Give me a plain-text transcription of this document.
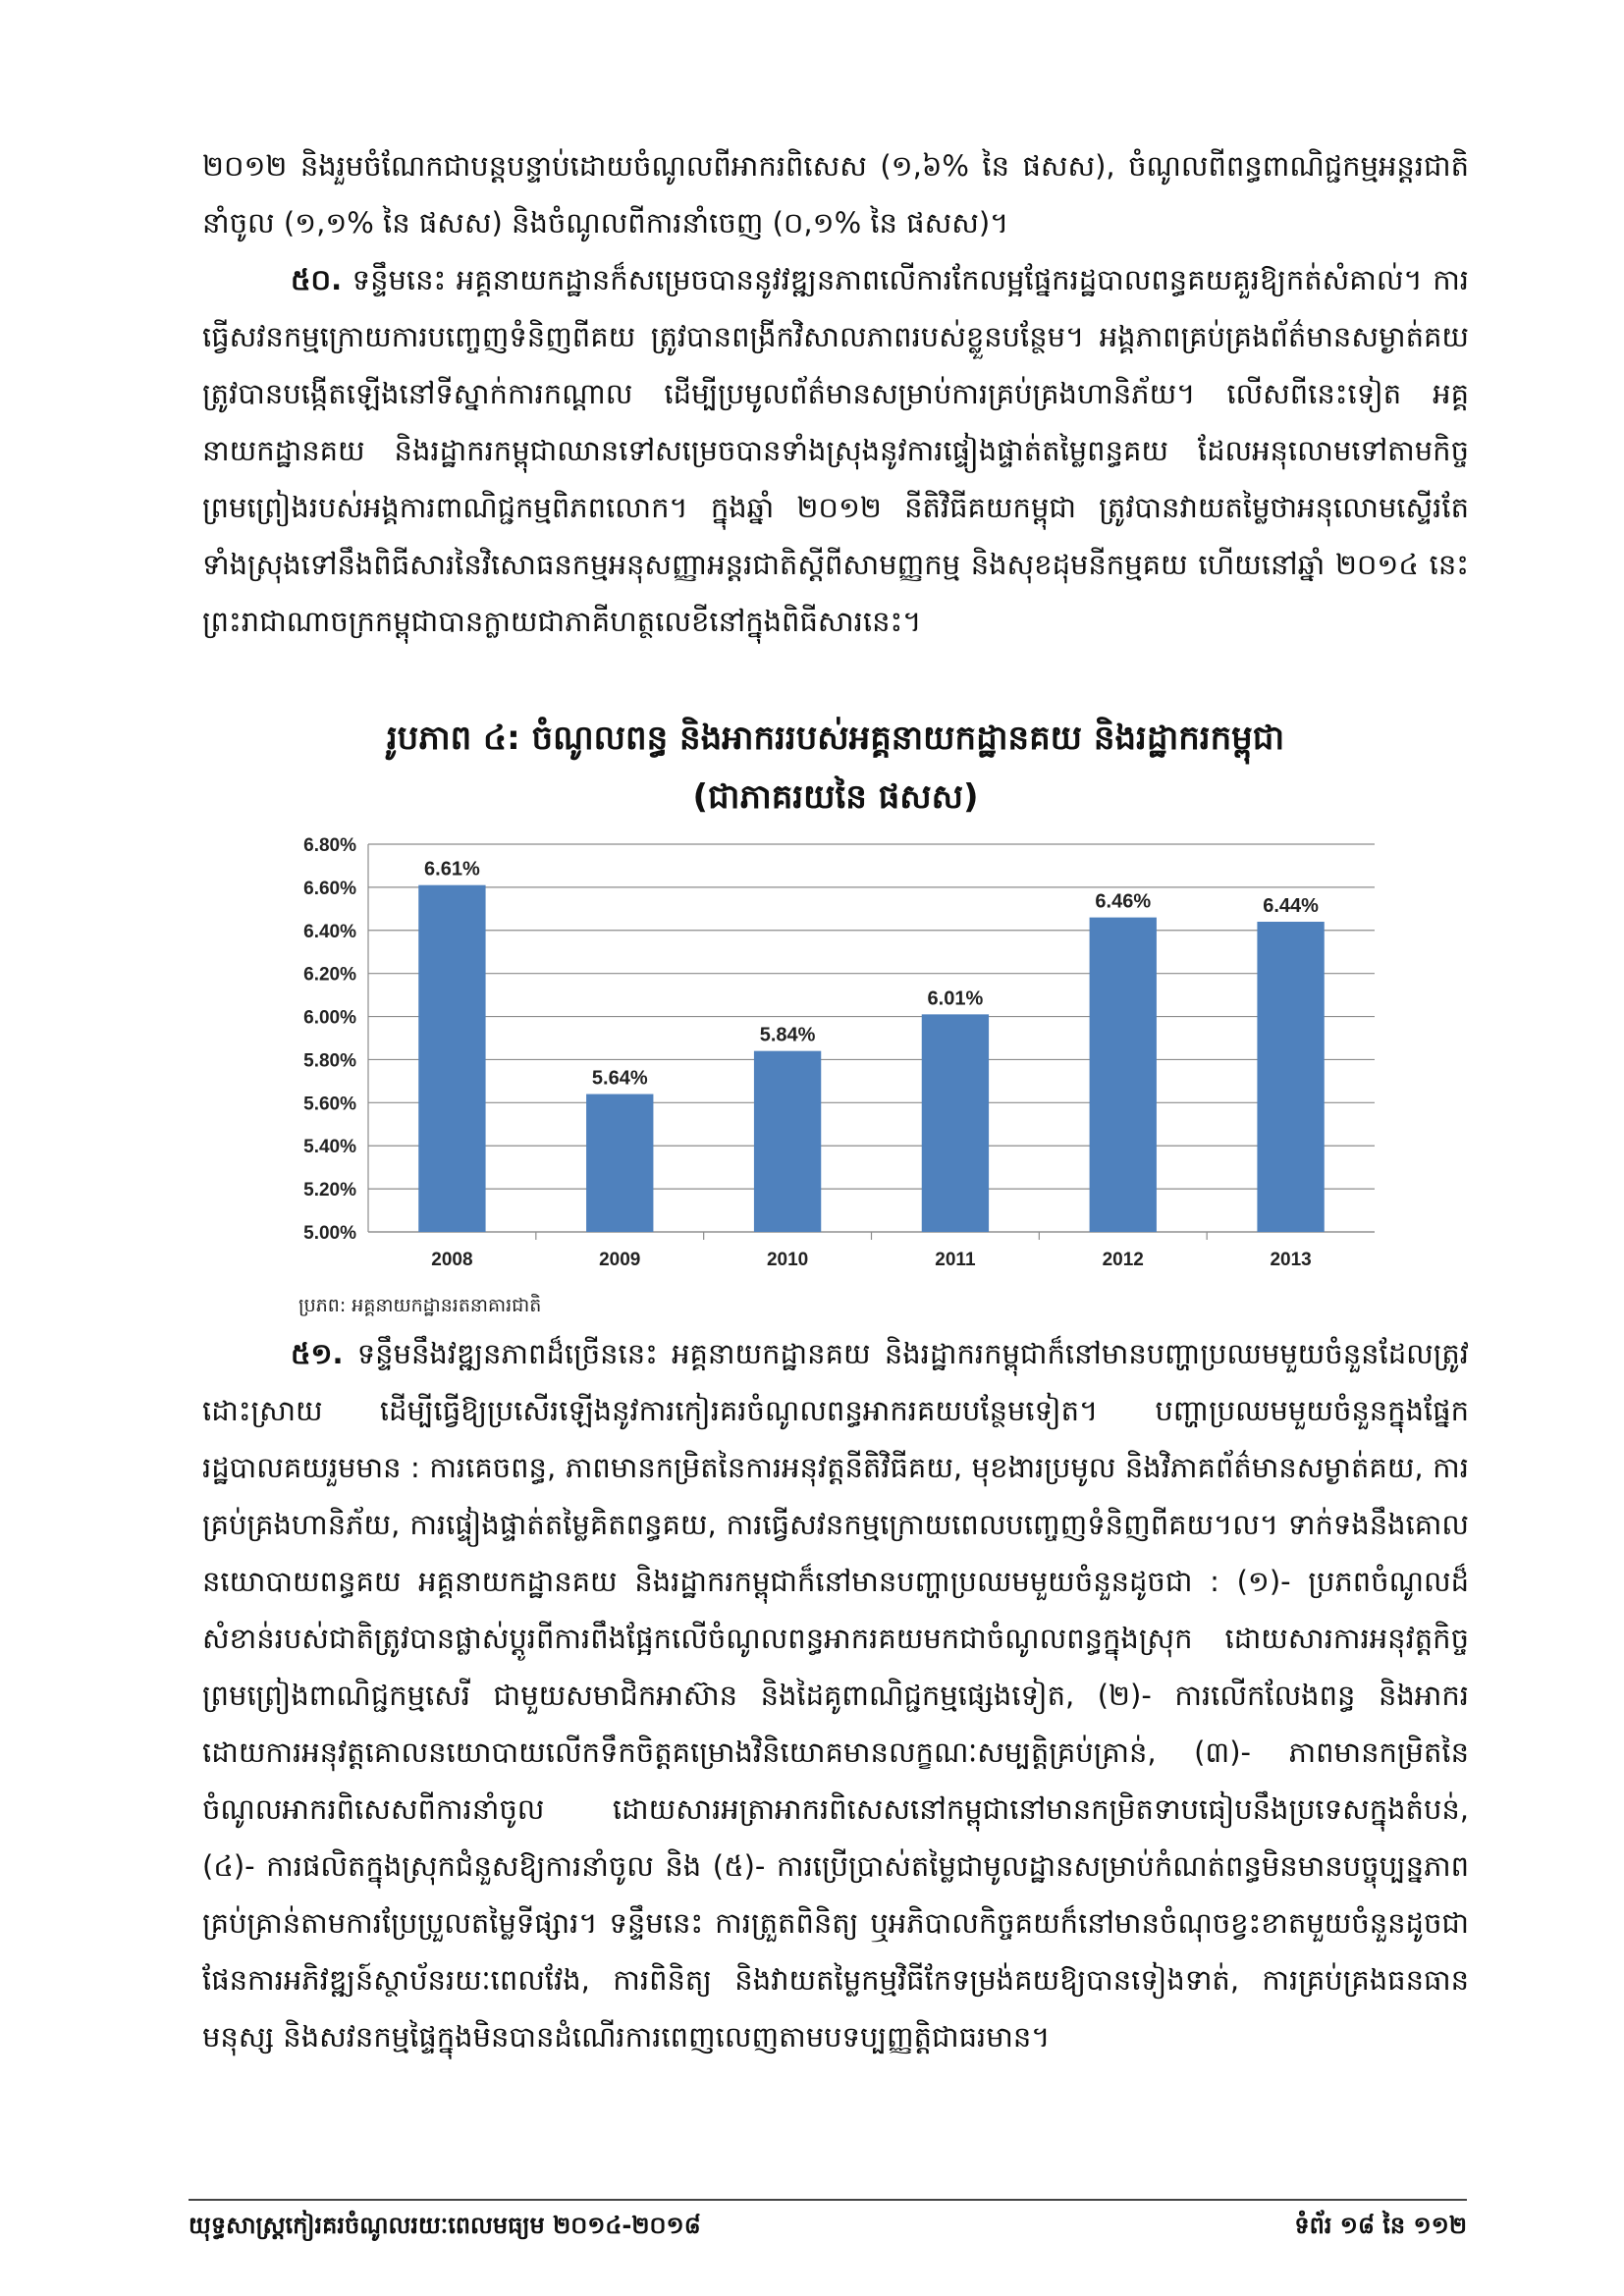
២០១២ និងរួមចំណែកជាបន្តបន្ទាប់ដោយចំណូលពីអាករពិសេស (១,៦% នៃ ផសស), ចំណូលពីពន្ធពាណិជ្ជកម្មអន្តរជាតិនាំចូល (១,១% នៃ ផសស) និងចំណូលពីការនាំចេញ (០,១% នៃ ផសស)។

៥០. ទន្ទឹមនេះ អគ្គនាយកដ្ឋានក៏សម្រេចបាននូវវឌ្ឍនភាពលើការកែលម្អផ្នែករដ្ឋបាលពន្ធគយគួរឱ្យកត់សំគាល់។ ការធ្វើសវនកម្មក្រោយការបញ្ចេញទំនិញពីគយ ត្រូវបានពង្រីកវិសាលភាពរបស់ខ្លួនបន្ថែម។ អង្គភាពគ្រប់គ្រងព័ត៌មានសម្ងាត់គយត្រូវបានបង្កើតឡើងនៅទីស្នាក់ការកណ្តាល ដើម្បីប្រមូលព័ត៌មានសម្រាប់ការគ្រប់គ្រងហានិភ័យ។ លើសពីនេះទៀត អគ្គនាយកដ្ឋានគយ និងរដ្ឋាករកម្ពុជាឈានទៅសម្រេចបានទាំងស្រុងនូវការផ្ទៀងផ្ទាត់តម្លៃពន្ធគយ ដែលអនុលោមទៅតាមកិច្ចព្រមព្រៀងរបស់អង្គការពាណិជ្ជកម្មពិភពលោក។ ក្នុងឆ្នាំ ២០១២ នីតិវិធីគយកម្ពុជា ត្រូវបានវាយតម្លៃថាអនុលោមស្ទើរតែទាំងស្រុងទៅនឹងពិធីសារនៃវិសោធនកម្មអនុសញ្ញាអន្តរជាតិស្តីពីសាមញ្ញកម្ម និងសុខដុមនីកម្មគយ ហើយនៅឆ្នាំ ២០១៤ នេះ ព្រះរាជាណាចក្រកម្ពុជាបានក្លាយជាភាគីហត្ថលេខីនៅក្នុងពិធីសារនេះ។

រូបភាព ៤: ចំណូលពន្ធ និងអាកររបស់អគ្គនាយកដ្ឋានគយ និងរដ្ឋាករកម្ពុជា

(ជាភាគរយនៃ ផសស)

5.00%
5.20%
5.40%
5.60%
5.80%
6.00%
6.20%
6.40%
6.60%
6.80%
6.61%
2008
5.64%
2009
5.84%
2010
6.01%
2011
6.46%
2012
6.44%
2013
ប្រភព: អគ្គនាយកដ្ឋានរតនាគារជាតិ

៥១. ទន្ទឹមនឹងវឌ្ឍនភាពដ៏ច្រើននេះ អគ្គនាយកដ្ឋានគយ និងរដ្ឋាករកម្ពុជាក៏នៅមានបញ្ហាប្រឈមមួយចំនួនដែលត្រូវដោះស្រាយ ដើម្បីធ្វើឱ្យប្រសើរឡើងនូវការកៀរគរចំណូលពន្ធអាករគយបន្ថែមទៀត។ បញ្ហាប្រឈមមួយចំនួនក្នុងផ្នែករដ្ឋបាលគយរួមមាន : ការគេចពន្ធ, ភាពមានកម្រិតនៃការអនុវត្តនីតិវិធីគយ, មុខងារប្រមូល និងវិភាគព័ត៌មានសម្ងាត់គយ, ការគ្រប់គ្រងហានិភ័យ, ការផ្ទៀងផ្ទាត់តម្លៃគិតពន្ធគយ, ការធ្វើសវនកម្មក្រោយពេលបញ្ចេញទំនិញពីគយ។ល។ ទាក់ទងនឹងគោលនយោបាយពន្ធគយ អគ្គនាយកដ្ឋានគយ និងរដ្ឋាករកម្ពុជាក៏នៅមានបញ្ហាប្រឈមមួយចំនួនដូចជា : (១)- ប្រភពចំណូលដ៏សំខាន់របស់ជាតិត្រូវបានផ្លាស់ប្តូរពីការពឹងផ្អែកលើចំណូលពន្ធអាករគយមកជាចំណូលពន្ធក្នុងស្រុក ដោយសារការអនុវត្តកិច្ចព្រមព្រៀងពាណិជ្ជកម្មសេរី ជាមួយសមាជិកអាស៊ាន និងដៃគូពាណិជ្ជកម្មផ្សេងទៀត, (២)- ការលើកលែងពន្ធ និងអាករ ដោយការអនុវត្តគោលនយោបាយលើកទឹកចិត្តគម្រោងវិនិយោគមានលក្ខណៈសម្បត្តិគ្រប់គ្រាន់, (៣)- ភាពមានកម្រិតនៃចំណូលអាករពិសេសពីការនាំចូល ដោយសារអត្រាអាករពិសេសនៅកម្ពុជានៅមានកម្រិតទាបធៀបនឹងប្រទេសក្នុងតំបន់, (៤)- ការផលិតក្នុងស្រុកជំនួសឱ្យការនាំចូល និង (៥)- ការប្រើប្រាស់តម្លៃជាមូលដ្ឋានសម្រាប់កំណត់ពន្ធមិនមានបច្ចុប្បន្នភាពគ្រប់គ្រាន់តាមការប្រែប្រួលតម្លៃទីផ្សារ។ ទន្ទឹមនេះ ការត្រួតពិនិត្យ ឬអភិបាលកិច្ចគយក៏នៅមានចំណុចខ្វះខាតមួយចំនួនដូចជា ផែនការអភិវឌ្ឍន៍ស្ថាប័នរយៈពេលវែង, ការពិនិត្យ និងវាយតម្លៃកម្មវិធីកែទម្រង់គយឱ្យបានទៀងទាត់, ការគ្រប់គ្រងធនធានមនុស្ស និងសវនកម្មផ្ទៃក្នុងមិនបានដំណើរការពេញលេញតាមបទប្បញ្ញត្តិជាធរមាន។

យុទ្ធសាស្ត្រកៀរគរចំណូលរយៈពេលមធ្យម ២០១៤-២០១៨	ទំព័រ ១៨ នៃ ១១២
